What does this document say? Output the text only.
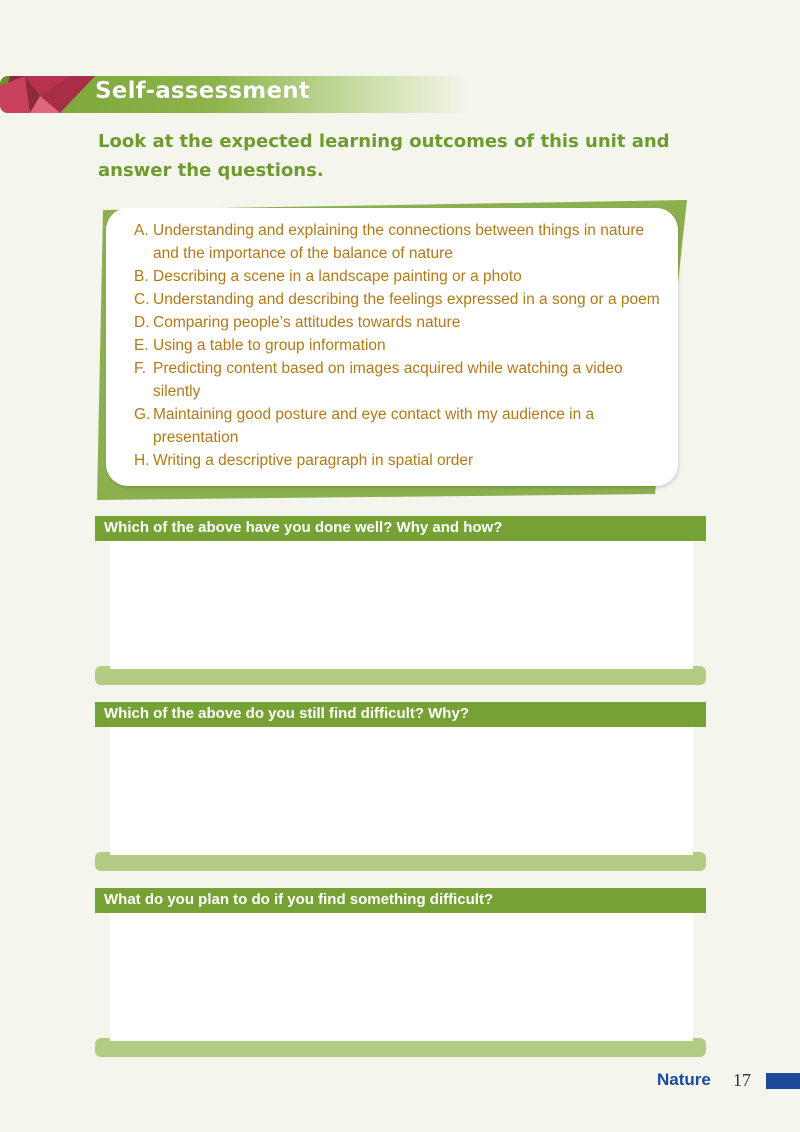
Self-assessment
Look at the expected learning outcomes of this unit and answer the questions.
A. Understanding and explaining the connections between things in nature and the importance of the balance of nature
B. Describing a scene in a landscape painting or a photo
C. Understanding and describing the feelings expressed in a song or a poem
D. Comparing people’s attitudes towards nature
E. Using a table to group information
F. Predicting content based on images acquired while watching a video silently
G. Maintaining good posture and eye contact with my audience in a presentation
H. Writing a descriptive paragraph in spatial order
Which of the above have you done well? Why and how?
Which of the above do you still find difficult? Why?
What do you plan to do if you find something difficult?
Nature 17
